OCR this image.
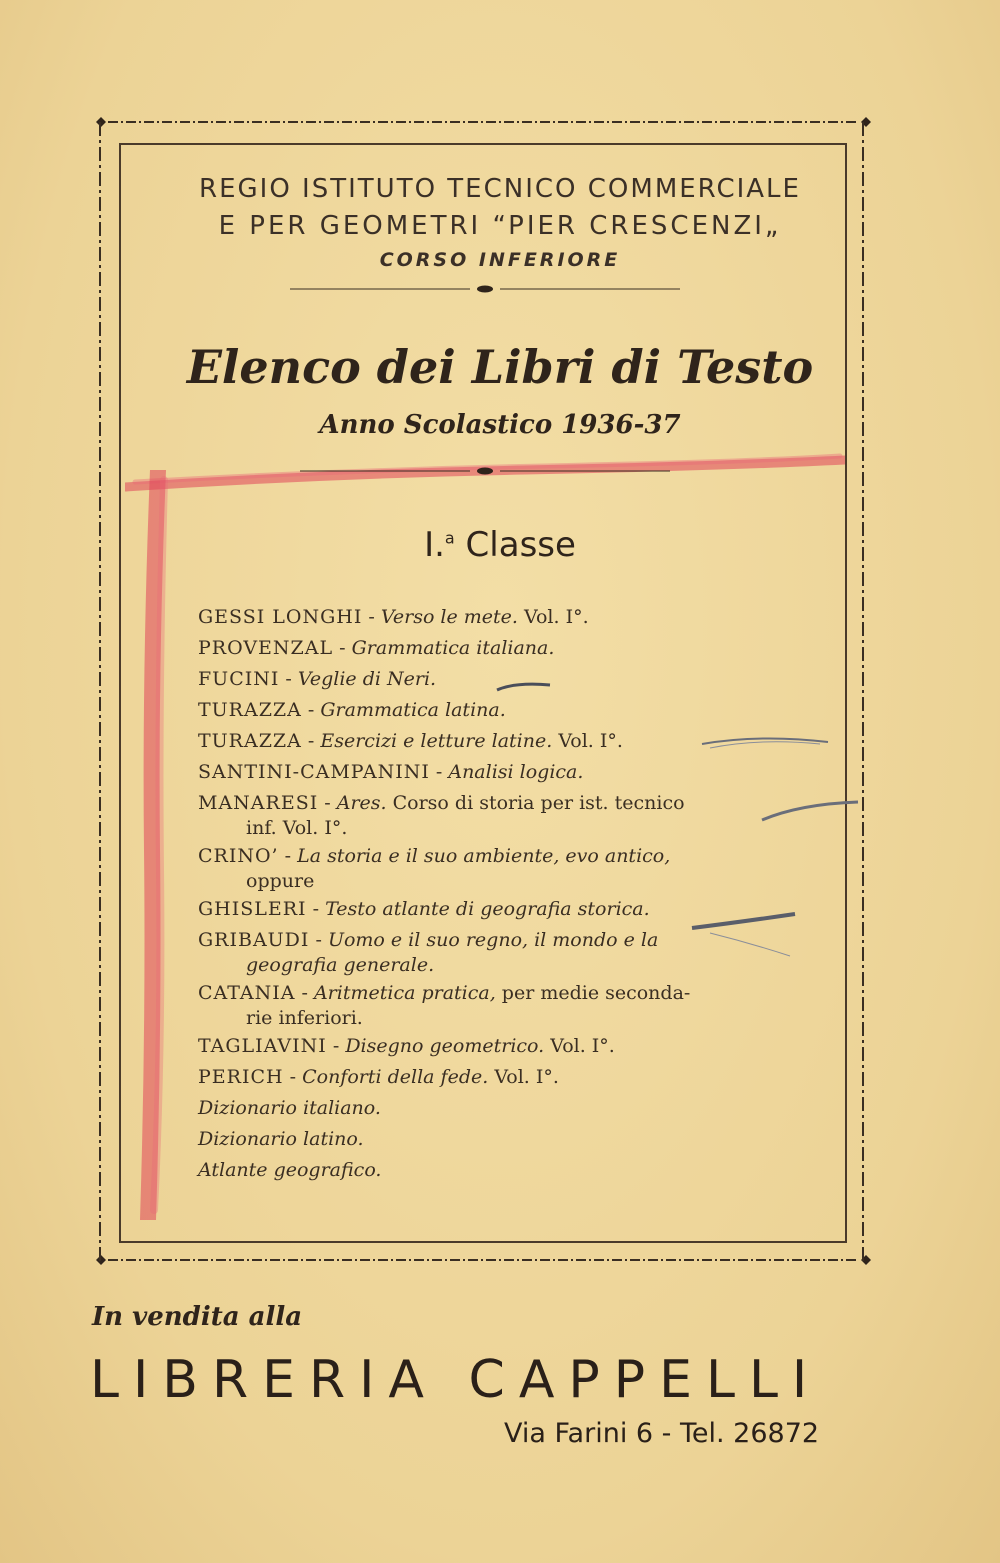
REGIO ISTITUTO TECNICO COMMERCIALE
E PER GEOMETRI “PIER CRESCENZI„
CORSO INFERIORE
Elenco dei Libri di Testo
Anno Scolastico 1936-37
I.$^a$ Classe
GESSI LONGHI - Verso le mete. Vol. I°.
PROVENZAL - Grammatica italiana.
FUCINI - Veglie di Neri.
TURAZZA - Grammatica latina.
TURAZZA - Esercizi e letture latine. Vol. I°.
SANTINI-CAMPANINI - Analisi logica.
MANARESI - Ares. Corso di storia per ist. tecnico
inf. Vol. I°.
CRINO’ - La storia e il suo ambiente, evo antico,
oppure
GHISLERI - Testo atlante di geografia storica.
GRIBAUDI - Uomo e il suo regno, il mondo e la
geografia generale.
CATANIA - Aritmetica pratica, per medie seconda-
rie inferiori.
TAGLIAVINI - Disegno geometrico. Vol. I°.
PERICH - Conforti della fede. Vol. I°.
Dizionario italiano.
Dizionario latino.
Atlante geografico.
In vendita alla
LIBRERIA CAPPELLI
Via Farini 6 - Tel. 26872
